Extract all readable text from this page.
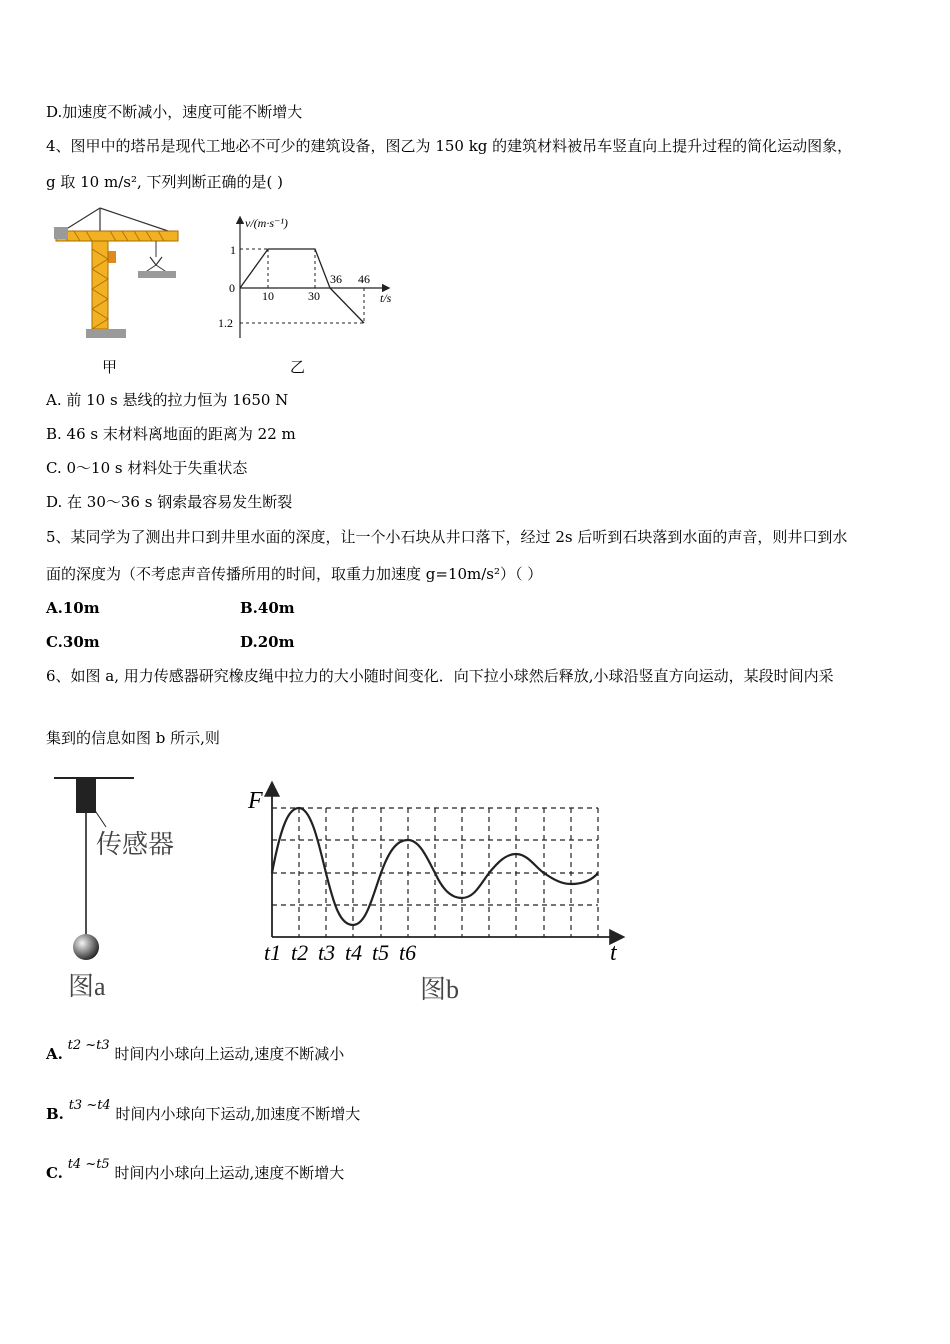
D.加速度不断减小，速度可能不断增大
4、图甲中的塔吊是现代工地必不可少的建筑设备，图乙为 150 kg 的建筑材料被吊车竖直向上提升过程的简化运动图象，
g 取 10 m/s², 下列判断正确的是( )
甲
v/(m·s⁻¹)
t/s
1
0
1.2
10	30
36 46
乙
A. 前 10 s 悬线的拉力恒为 1650 N
B. 46 s 末材料离地面的距离为 22 m
C. 0～10 s 材料处于失重状态
D. 在 30～36 s 钢索最容易发生断裂
5、某同学为了测出井口到井里水面的深度，让一个小石块从井口落下，经过 2s 后听到石块落到水面的声音，则井口到水
面的深度为（不考虑声音传播所用的时间，取重力加速度 g=10m/s²）（ ）
A.10m	B.40m
C.30m	D.20m
6、如图 a, 用力传感器研究橡皮绳中拉力的大小随时间变化．向下拉小球然后释放,小球沿竖直方向运动，某段时间内采
集到的信息如图 b 所示,则
传感器
图a
F
t
t1 t2 t3 t4 t5 t6
图b
A. t2 ~t3 时间内小球向上运动,速度不断减小
B. t3 ~t4 时间内小球向下运动,加速度不断增大
C. t4 ~t5 时间内小球向上运动,速度不断增大
